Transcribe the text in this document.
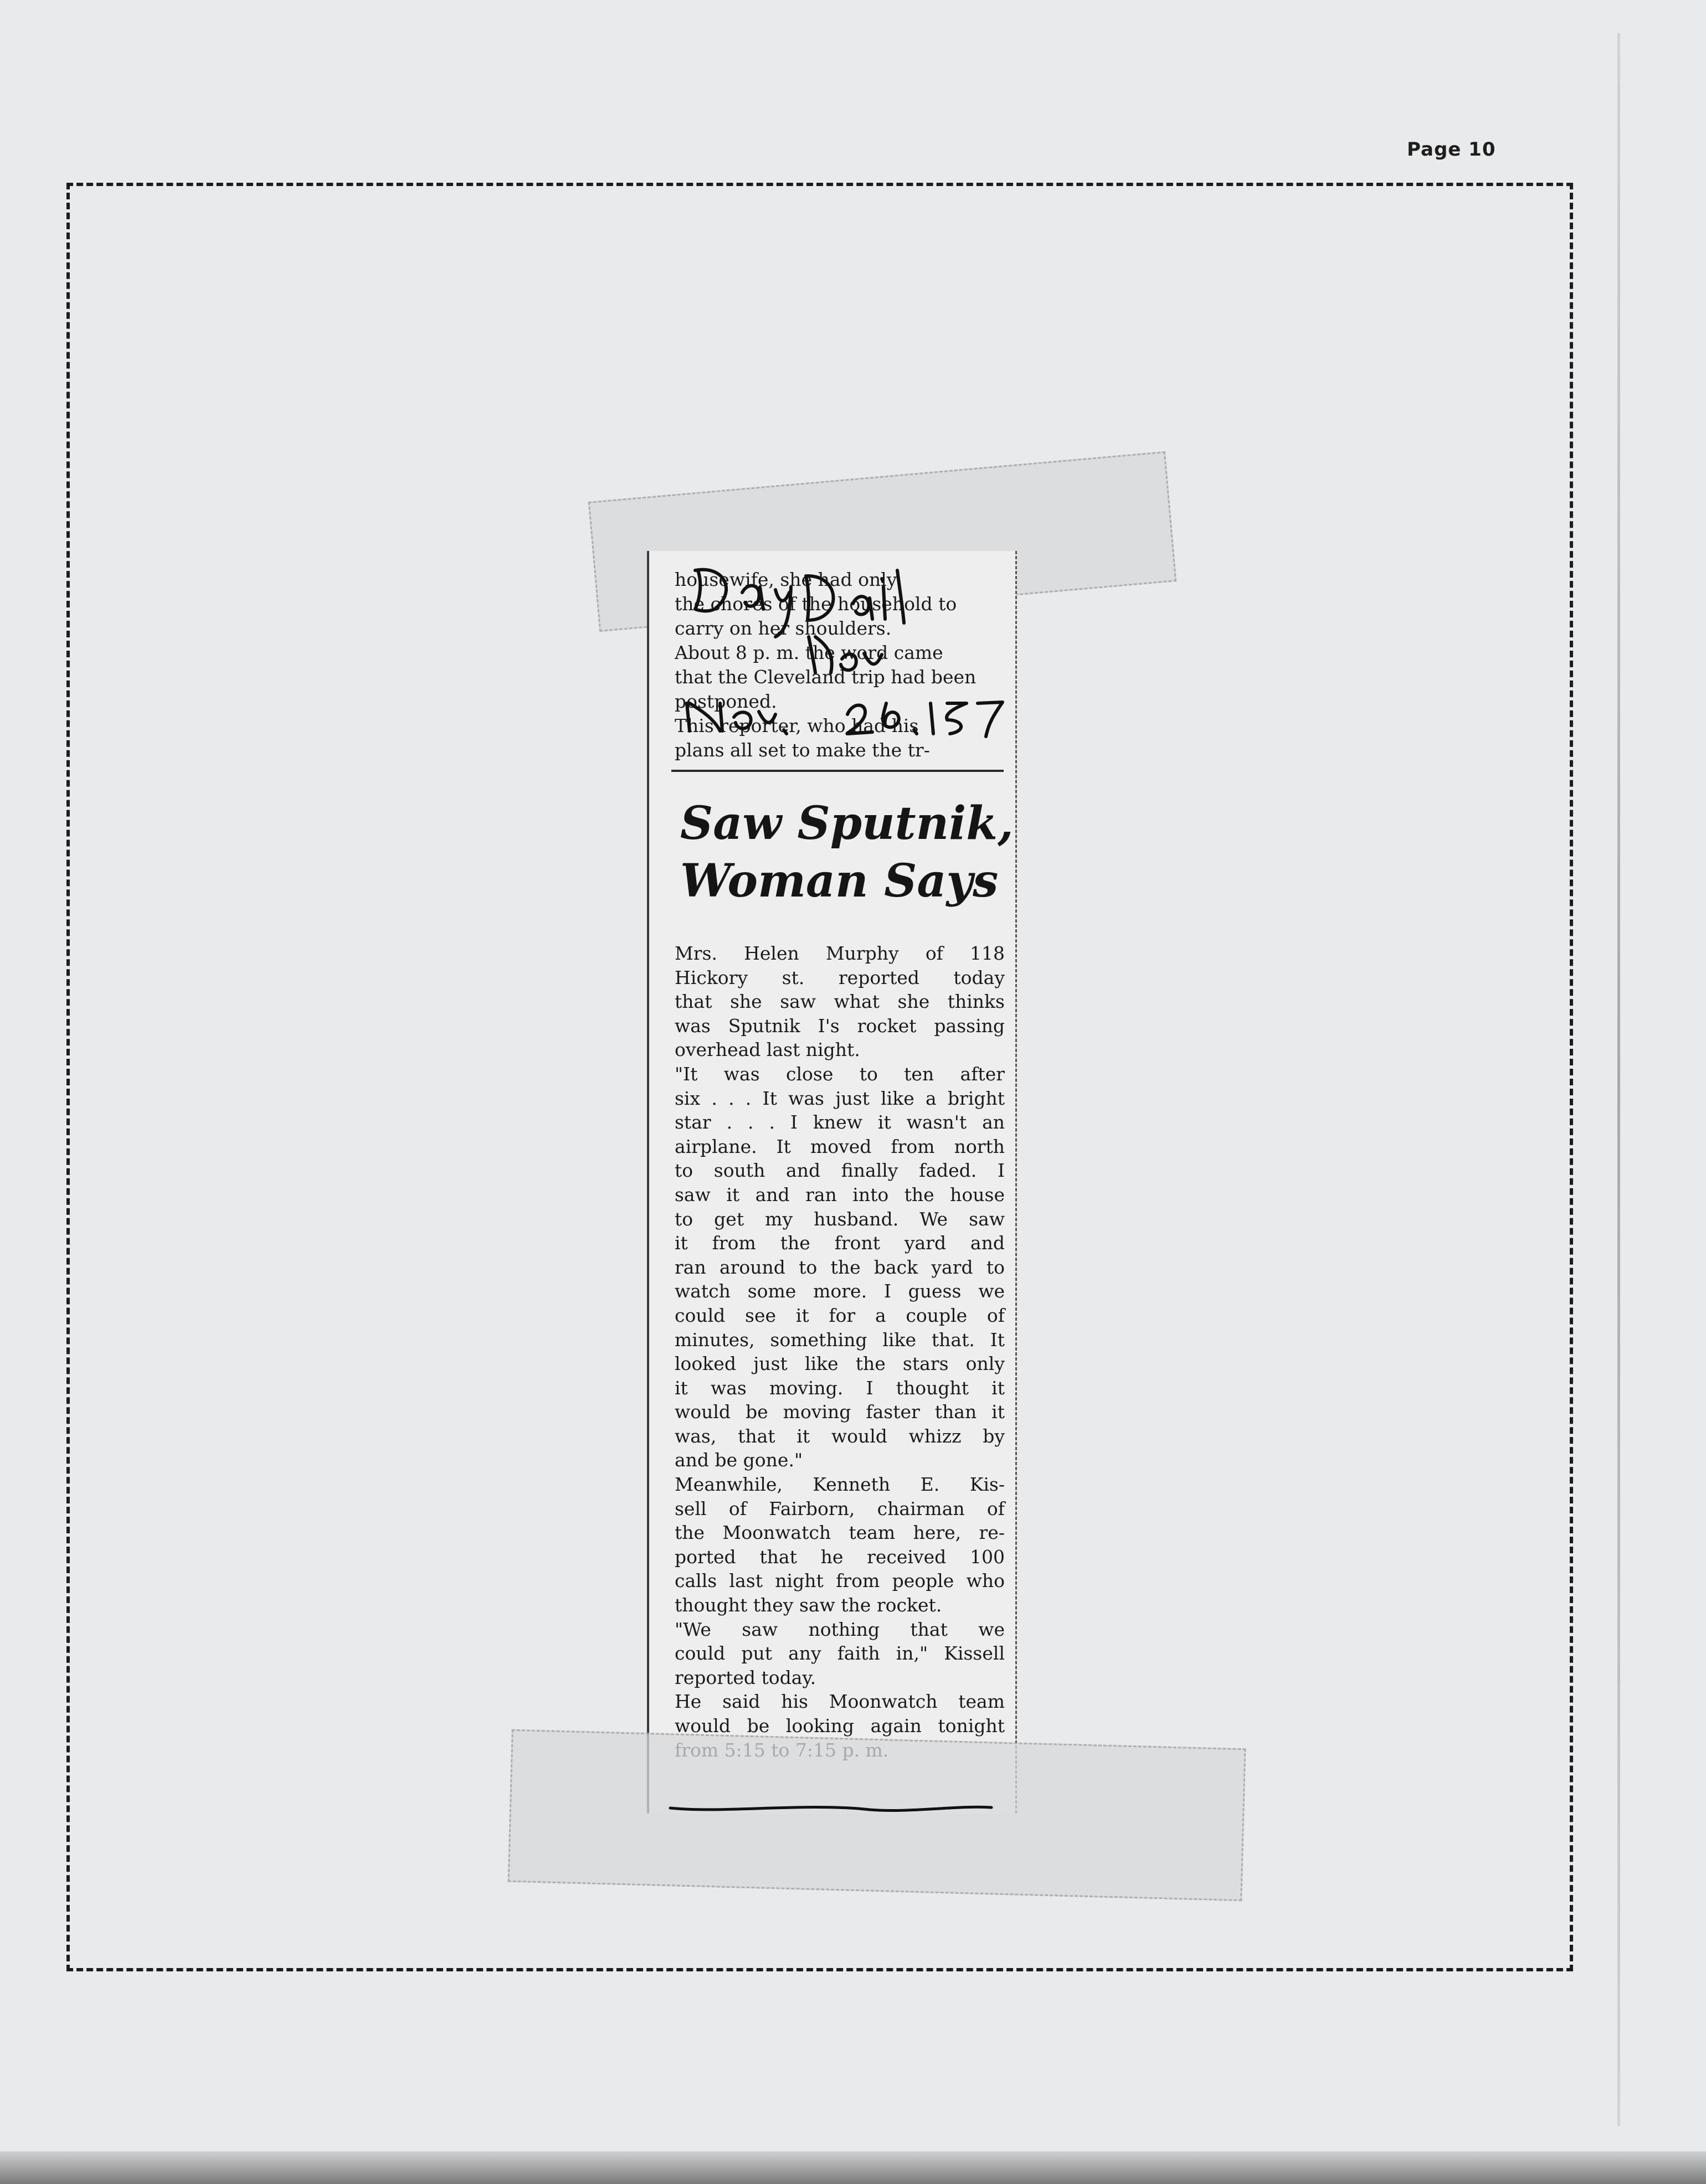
Page 10

housewife, she had only
the chores of the household to
carry on her shoulders.
About 8 p. m. the word came
that the Cleveland trip had been
postponed.
This reporter, who had his
plans all set to make the tr-

Saw Sputnik,
Woman Says

Mrs. Helen Murphy of 118
Hickory st. reported today
that she saw what she thinks
was Sputnik I's rocket passing
overhead last night.
"It was close to ten after
six . . . It was just like a bright
star . . . I knew it wasn't an
airplane. It moved from north
to south and finally faded. I
saw it and ran into the house
to get my husband. We saw
it from the front yard and
ran around to the back yard to
watch some more. I guess we
could see it for a couple of
minutes, something like that. It
looked just like the stars only
it was moving. I thought it
would be moving faster than it
was, that it would whizz by
and be gone."
Meanwhile, Kenneth E. Kis-
sell of Fairborn, chairman of
the Moonwatch team here, re-
ported that he received 100
calls last night from people who
thought they saw the rocket.
"We saw nothing that we
could put any faith in," Kissell
reported today.
He said his Moonwatch team
would be looking again tonight
